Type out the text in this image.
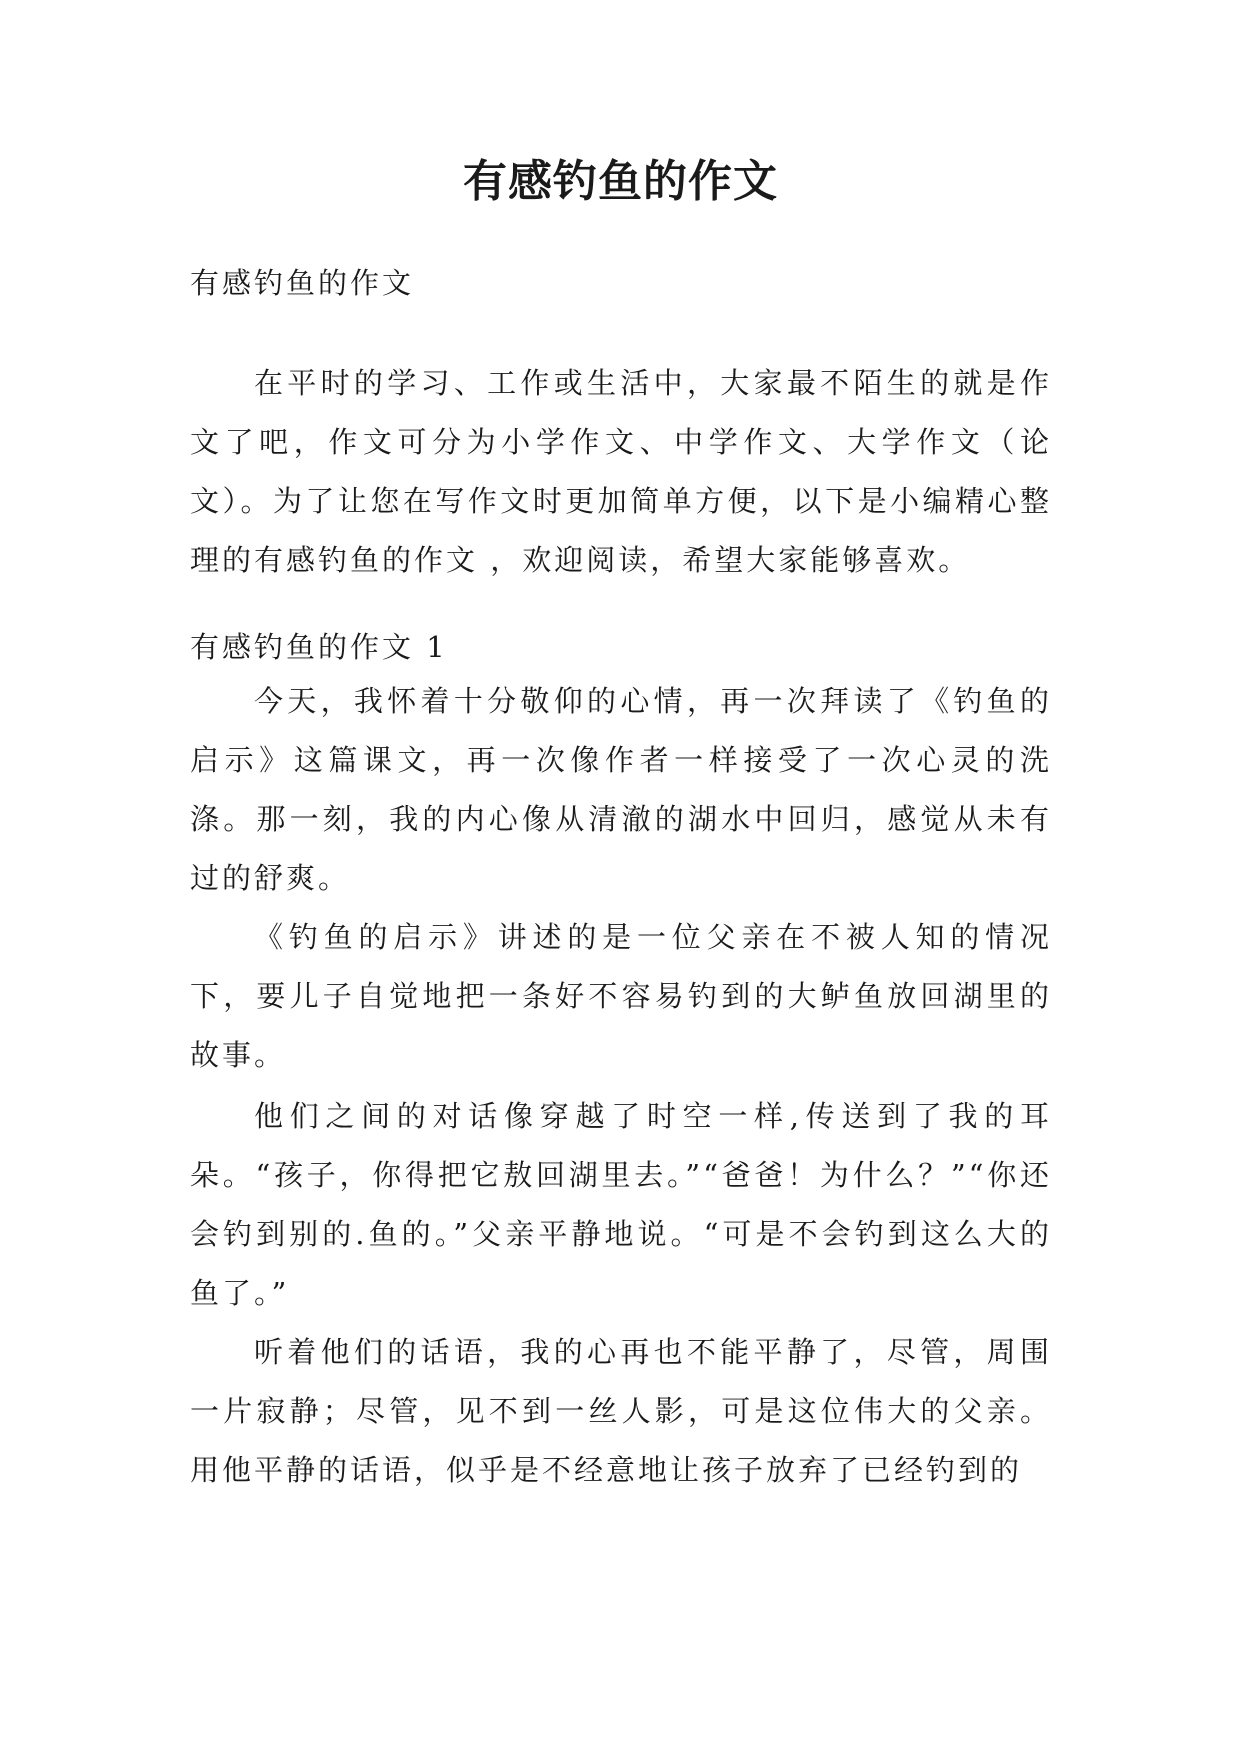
有感钓鱼的作文

有感钓鱼的作文

在平时的学习、工作或生活中，大家最不陌生的就是作文了吧，作文可分为小学作文、中学作文、大学作文（论文）。为了让您在写作文时更加简单方便，以下是小编精心整理的有感钓鱼的作文 ，欢迎阅读，希望大家能够喜欢。

有感钓鱼的作文 1

今天，我怀着十分敬仰的心情，再一次拜读了《钓鱼的启示》这篇课文，再一次像作者一样接受了一次心灵的洗涤。那一刻，我的内心像从清澈的湖水中回归，感觉从未有过的舒爽。

《钓鱼的启示》讲述的是一位父亲在不被人知的情况下，要儿子自觉地把一条好不容易钓到的大鲈鱼放回湖里的故事。

他们之间的对话像穿越了时空一样,传送到了我的耳朵。“孩子，你得把它敖回湖里去。”“爸爸！为什么？”“你还会钓到别的.鱼的。”父亲平静地说。“可是不会钓到这么大的鱼了。”

听着他们的话语，我的心再也不能平静了，尽管，周围一片寂静；尽管，见不到一丝人影，可是这位伟大的父亲。用他平静的话语，似乎是不经意地让孩子放弃了已经钓到的
